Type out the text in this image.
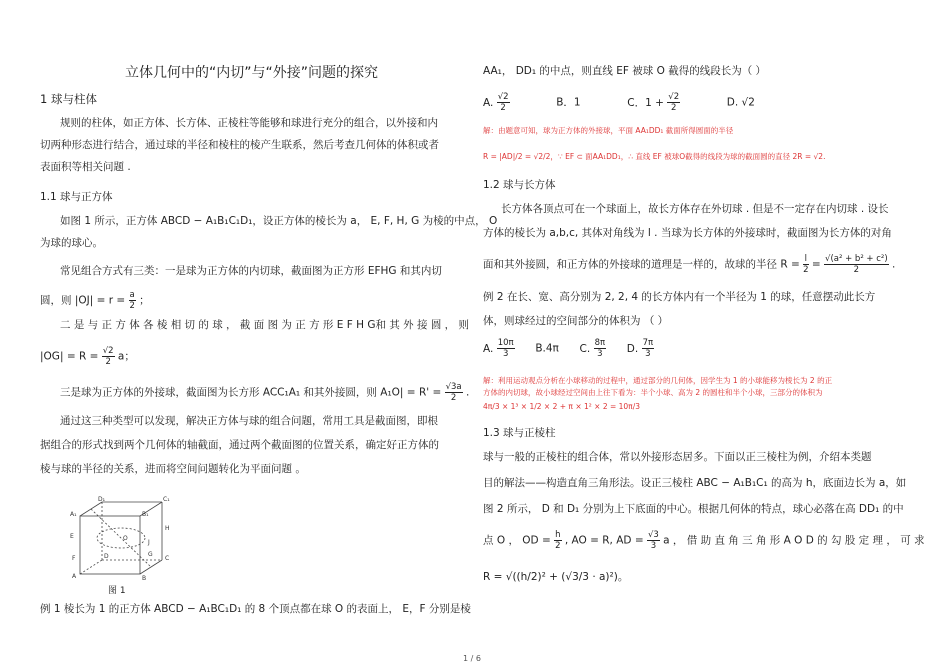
立体几何中的“内切”与“外接”问题的探究
1 球与柱体
规则的柱体，如正方体、长方体、正棱柱等能够和球进行充分的组合，以外接和内
切两种形态进行结合，通过球的半径和棱柱的棱产生联系，然后考查几何体的体积或者
表面积等相关问题 .
1.1 球与正方体
如图 1 所示，正方体 ABCD − A₁B₁C₁D₁，设正方体的棱长为 a， E, F, H, G 为棱的中点， O
为球的球心。
常见组合方式有三类：一是球为正方体的内切球，截面图为正方形 EFHG 和其内切
圆，则 $|OJ| = r = \frac{a}{2}$ ；
二 是 与 正 方 体 各 棱 相 切 的 球 ， 截 面 图 为 正 方 形 E F H G和 其 外 接 圆 ， 则
$|OG| = R = \frac{√2}{2}$ a；
三是球为正方体的外接球，截面图为长方形 ACC₁A₁ 和其外接圆，则 $A_1O| = R' = \frac{√3a}{2}$ .
通过这三种类型可以发现，解决正方体与球的组合问题，常用工具是截面图，即根
据组合的形式找到两个几何体的轴截面，通过两个截面图的位置关系，确定好正方体的
棱与球的半径的关系，进而将空间问题转化为平面问题 。
D₁	C₁
A₁	B₁
H
E	O
J
D	C
F
G
A	B
图 1
例 1 棱长为 1 的正方体 ABCD − A₁BC₁D₁ 的 8 个顶点都在球 O 的表面上， E，F 分别是棱
AA₁， DD₁ 的中点，则直线 EF 被球 O 截得的线段长为（ ）
A. $\frac{√2}{2}$	B．1	C．$1 + \frac{√2}{2}$	D. √2
解：由题意可知，球为正方体的外接球，平面 AA₁DD₁ 截面所得圆面的半径
R = |AD|/2 = √2/2，∵ EF ⊂ 面AA₁DD₁，∴ 直线 EF 被球O截得的线段为球的截面圆的直径 2R = √2.
1.2 球与长方体
长方体各顶点可在一个球面上，故长方体存在外切球 . 但是不一定存在内切球 . 设长
方体的棱长为 a,b,c, 其体对角线为 l . 当球为长方体的外接球时，截面图为长方体的对角
面和其外接圆，和正方体的外接球的道理是一样的，故球的半径 $R = \frac{l}{2} = \frac{\text{√(a² + b² + c²)}}{2}$ .
例 2 在长、宽、高分别为 2, 2, 4 的长方体内有一个半径为 1 的球，任意摆动此长方
体，则球经过的空间部分的体积为 （ ）
A. $\frac{10\pi}{3} B.4\pi$ C. $\frac{8\pi}{3} D$. $\frac{7\pi}{3}$
解：利用运动观点分析在小球移动的过程中，通过部分的几何体，因学生为 1 的小球能移为棱长为 2 的正
方体的内切球，故小球经过空间由上往下看为：半个小球、高为 2 的圆柱和半个小球，三部分的体积为
4π/3 × 1³ × 1/2 × 2 + π × 1² × 2 = 10π/3
1.3 球与正棱柱
球与一般的正棱柱的组合体，常以外接形态居多。下面以正三棱柱为例，介绍本类题
目的解法——构造直角三角形法。设正三棱柱 ABC − A₁B₁C₁ 的高为 h，底面边长为 a，如
图 2 所示， D 和 D₁ 分别为上下底面的中心。根据几何体的特点，球心必落在高 DD₁ 的中
点 O ， OD = $\frac{h}{2}$ , AO = R, AD = $\frac{√3}{3}$ a ， 借 助 直 角 三 角 形 A O D 的 勾 股 定 理 ， 可 求
R = √((h/2)² + (√3/3 · a)²)。
1 / 6
